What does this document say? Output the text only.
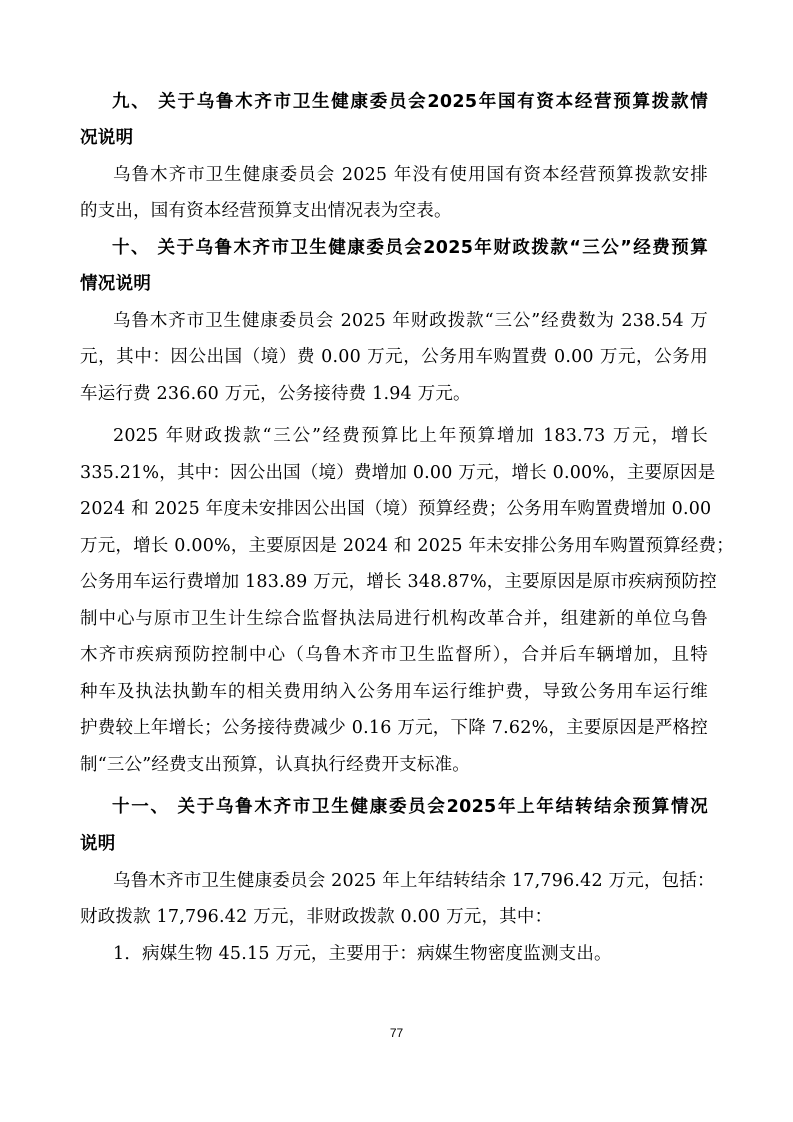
九、 关于乌鲁木齐市卫生健康委员会2025年国有资本经营预算拨款情
况说明
乌鲁木齐市卫生健康委员会 2025 年没有使用国有资本经营预算拨款安排
的支出，国有资本经营预算支出情况表为空表。
十、 关于乌鲁木齐市卫生健康委员会2025年财政拨款“三公”经费预算
情况说明
乌鲁木齐市卫生健康委员会 2025 年财政拨款“三公”经费数为 238.54 万
元，其中：因公出国（境）费 0.00 万元，公务用车购置费 0.00 万元，公务用
车运行费 236.60 万元，公务接待费 1.94 万元。
2025 年财政拨款“三公”经费预算比上年预算增加 183.73 万元，增长
335.21%，其中：因公出国（境）费增加 0.00 万元，增长 0.00%，主要原因是
2024 和 2025 年度未安排因公出国（境）预算经费；公务用车购置费增加 0.00
万元，增长 0.00%，主要原因是 2024 和 2025 年未安排公务用车购置预算经费；
公务用车运行费增加 183.89 万元，增长 348.87%，主要原因是原市疾病预防控
制中心与原市卫生计生综合监督执法局进行机构改革合并，组建新的单位乌鲁
木齐市疾病预防控制中心（乌鲁木齐市卫生监督所），合并后车辆增加，且特
种车及执法执勤车的相关费用纳入公务用车运行维护费，导致公务用车运行维
护费较上年增长；公务接待费减少 0.16 万元，下降 7.62%，主要原因是严格控
制“三公”经费支出预算，认真执行经费开支标准。
十一、 关于乌鲁木齐市卫生健康委员会2025年上年结转结余预算情况
说明
乌鲁木齐市卫生健康委员会 2025 年上年结转结余 17,796.42 万元，包括：
财政拨款 17,796.42 万元，非财政拨款 0.00 万元，其中：
1．病媒生物 45.15 万元，主要用于：病媒生物密度监测支出。
77
